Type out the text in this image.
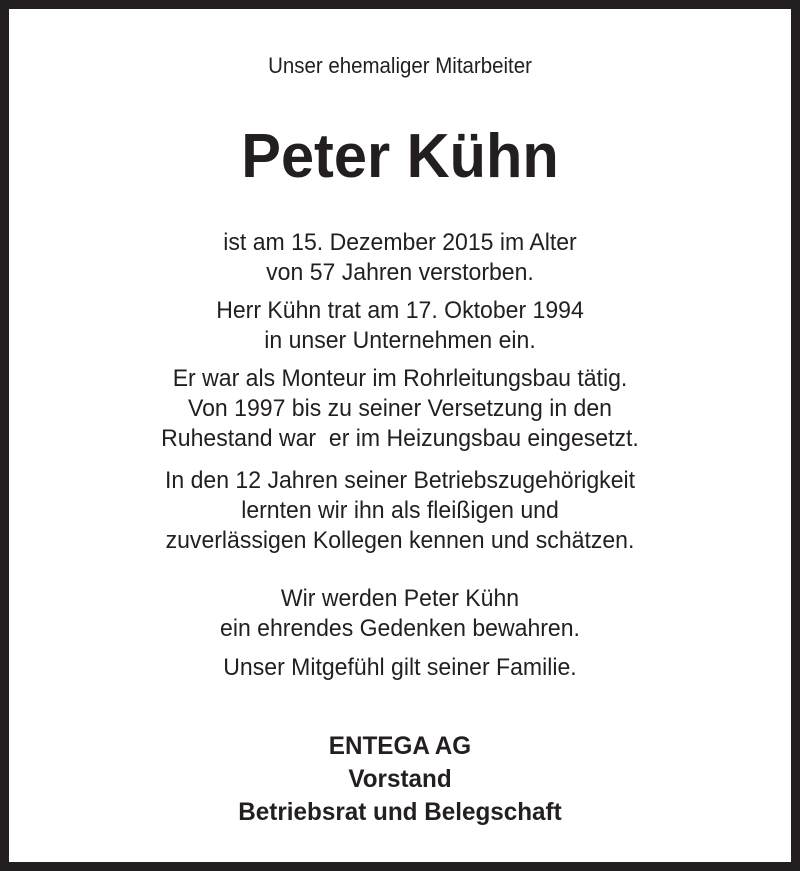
Unser ehemaliger Mitarbeiter
Peter Kühn
ist am 15. Dezember 2015 im Alter
von 57 Jahren verstorben.
Herr Kühn trat am 17. Oktober 1994
in unser Unternehmen ein.
Er war als Monteur im Rohrleitungsbau tätig.
Von 1997 bis zu seiner Versetzung in den
Ruhestand war  er im Heizungsbau eingesetzt.
In den 12 Jahren seiner Betriebszugehörigkeit
lernten wir ihn als fleißigen und
zuverlässigen Kollegen kennen und schätzen.
Wir werden Peter Kühn
ein ehrendes Gedenken bewahren.
Unser Mitgefühl gilt seiner Familie.
ENTEGA AG
Vorstand
Betriebsrat und Belegschaft
